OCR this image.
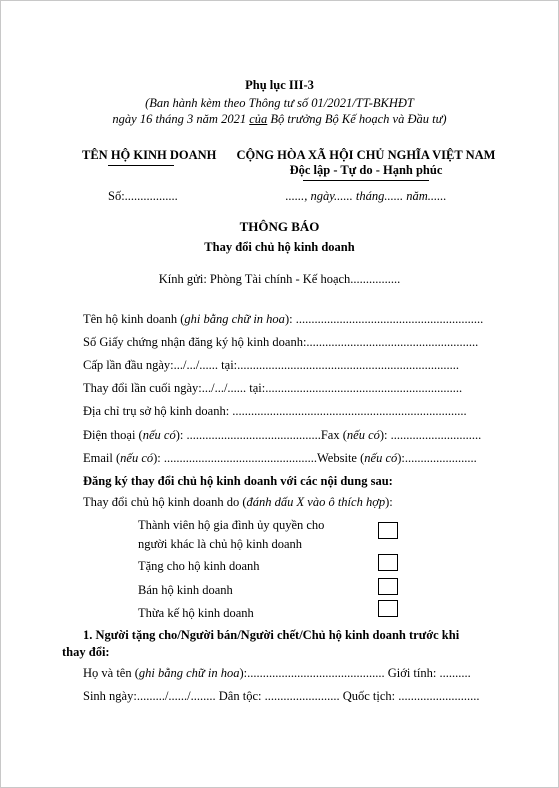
Phụ lục III-3
(Ban hành kèm theo Thông tư số 01/2021/TT-BKHĐT
ngày 16 tháng 3 năm 2021 của Bộ trưởng Bộ Kế hoạch và Đầu tư)
TÊN HỘ KINH DOANH
Số:.................
CỘNG HÒA XÃ HỘI CHỦ NGHĨA VIỆT NAM
Độc lập - Tự do - Hạnh phúc
......, ngày...... tháng...... năm......
THÔNG BÁO
Thay đổi chủ hộ kinh doanh
Kính gửi: Phòng Tài chính - Kế hoạch................
Tên hộ kinh doanh (ghi bằng chữ in hoa): ............................................................
Số Giấy chứng nhận đăng ký hộ kinh doanh:.......................................................
Cấp lần đầu ngày:.../.../...... tại:.......................................................................
Thay đổi lần cuối ngày:.../.../...... tại:...............................................................
Địa chỉ trụ sở hộ kinh doanh: ...........................................................................
Điện thoại (nếu có): ...........................................Fax (nếu có): .............................
Email (nếu có): .................................................Website (nếu có):.......................
Đăng ký thay đổi chủ hộ kinh doanh với các nội dung sau:
Thay đổi chủ hộ kinh doanh do (đánh dấu X vào ô thích hợp):
Thành viên hộ gia đình ủy quyền cho
người khác là chủ hộ kinh doanh
Tặng cho hộ kinh doanh
Bán hộ kinh doanh
Thừa kế hộ kinh doanh
1. Người tặng cho/Người bán/Người chết/Chủ hộ kinh doanh trước khi
thay đổi:
Họ và tên (ghi bằng chữ in hoa):............................................ Giới tính: ..........
Sinh ngày:........./....../........ Dân tộc: ........................ Quốc tịch: ..........................
